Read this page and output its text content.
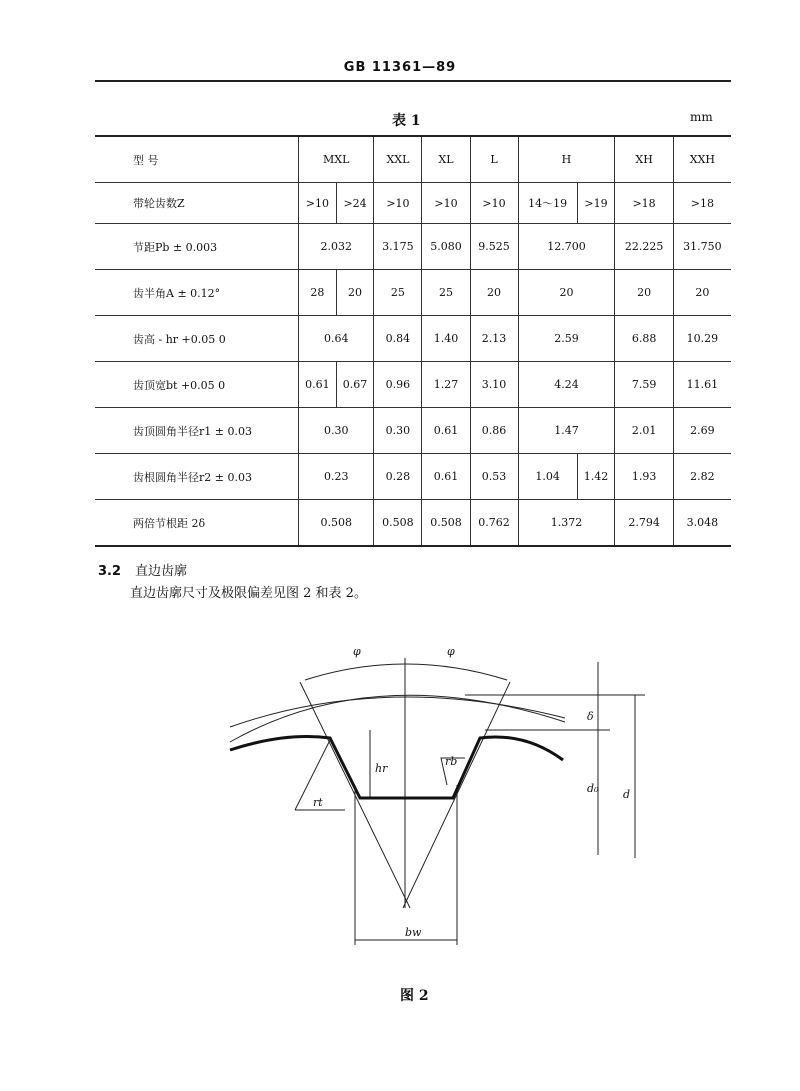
GB 11361—89
表 1	mm
型 号	MXL		XXL	XL	L	H		XH	XXH
带轮齿数Z	>10	>24	>10	>10	>10	14～19	>19	>18	>18
节距Pb ± 0.003	2.032		3.175	5.080	9.525	12.700		22.225	31.750
齿半角A ± 0.12°	28	20	25	25	20	20		20	20
齿高 - hr +0.05 0	0.64		0.84	1.40	2.13	2.59		6.88	10.29
齿顶宽bt +0.05 0	0.61	0.67	0.96	1.27	3.10	4.24		7.59	11.61
齿顶圆角半径r1 ± 0.03	0.30		0.30	0.61	0.86	1.47		2.01	2.69
齿根圆角半径r2 ± 0.03	0.23		0.28	0.61	0.53	1.04	1.42	1.93	2.82
两倍节根距 2δ	0.508		0.508	0.508	0.762	1.372		2.794	3.048
3.2 直边齿廓
直边齿廓尺寸及极限偏差见图 2 和表 2。
φ	φ
δ
hr
rb
rt
d₀ d
bw
图 2
